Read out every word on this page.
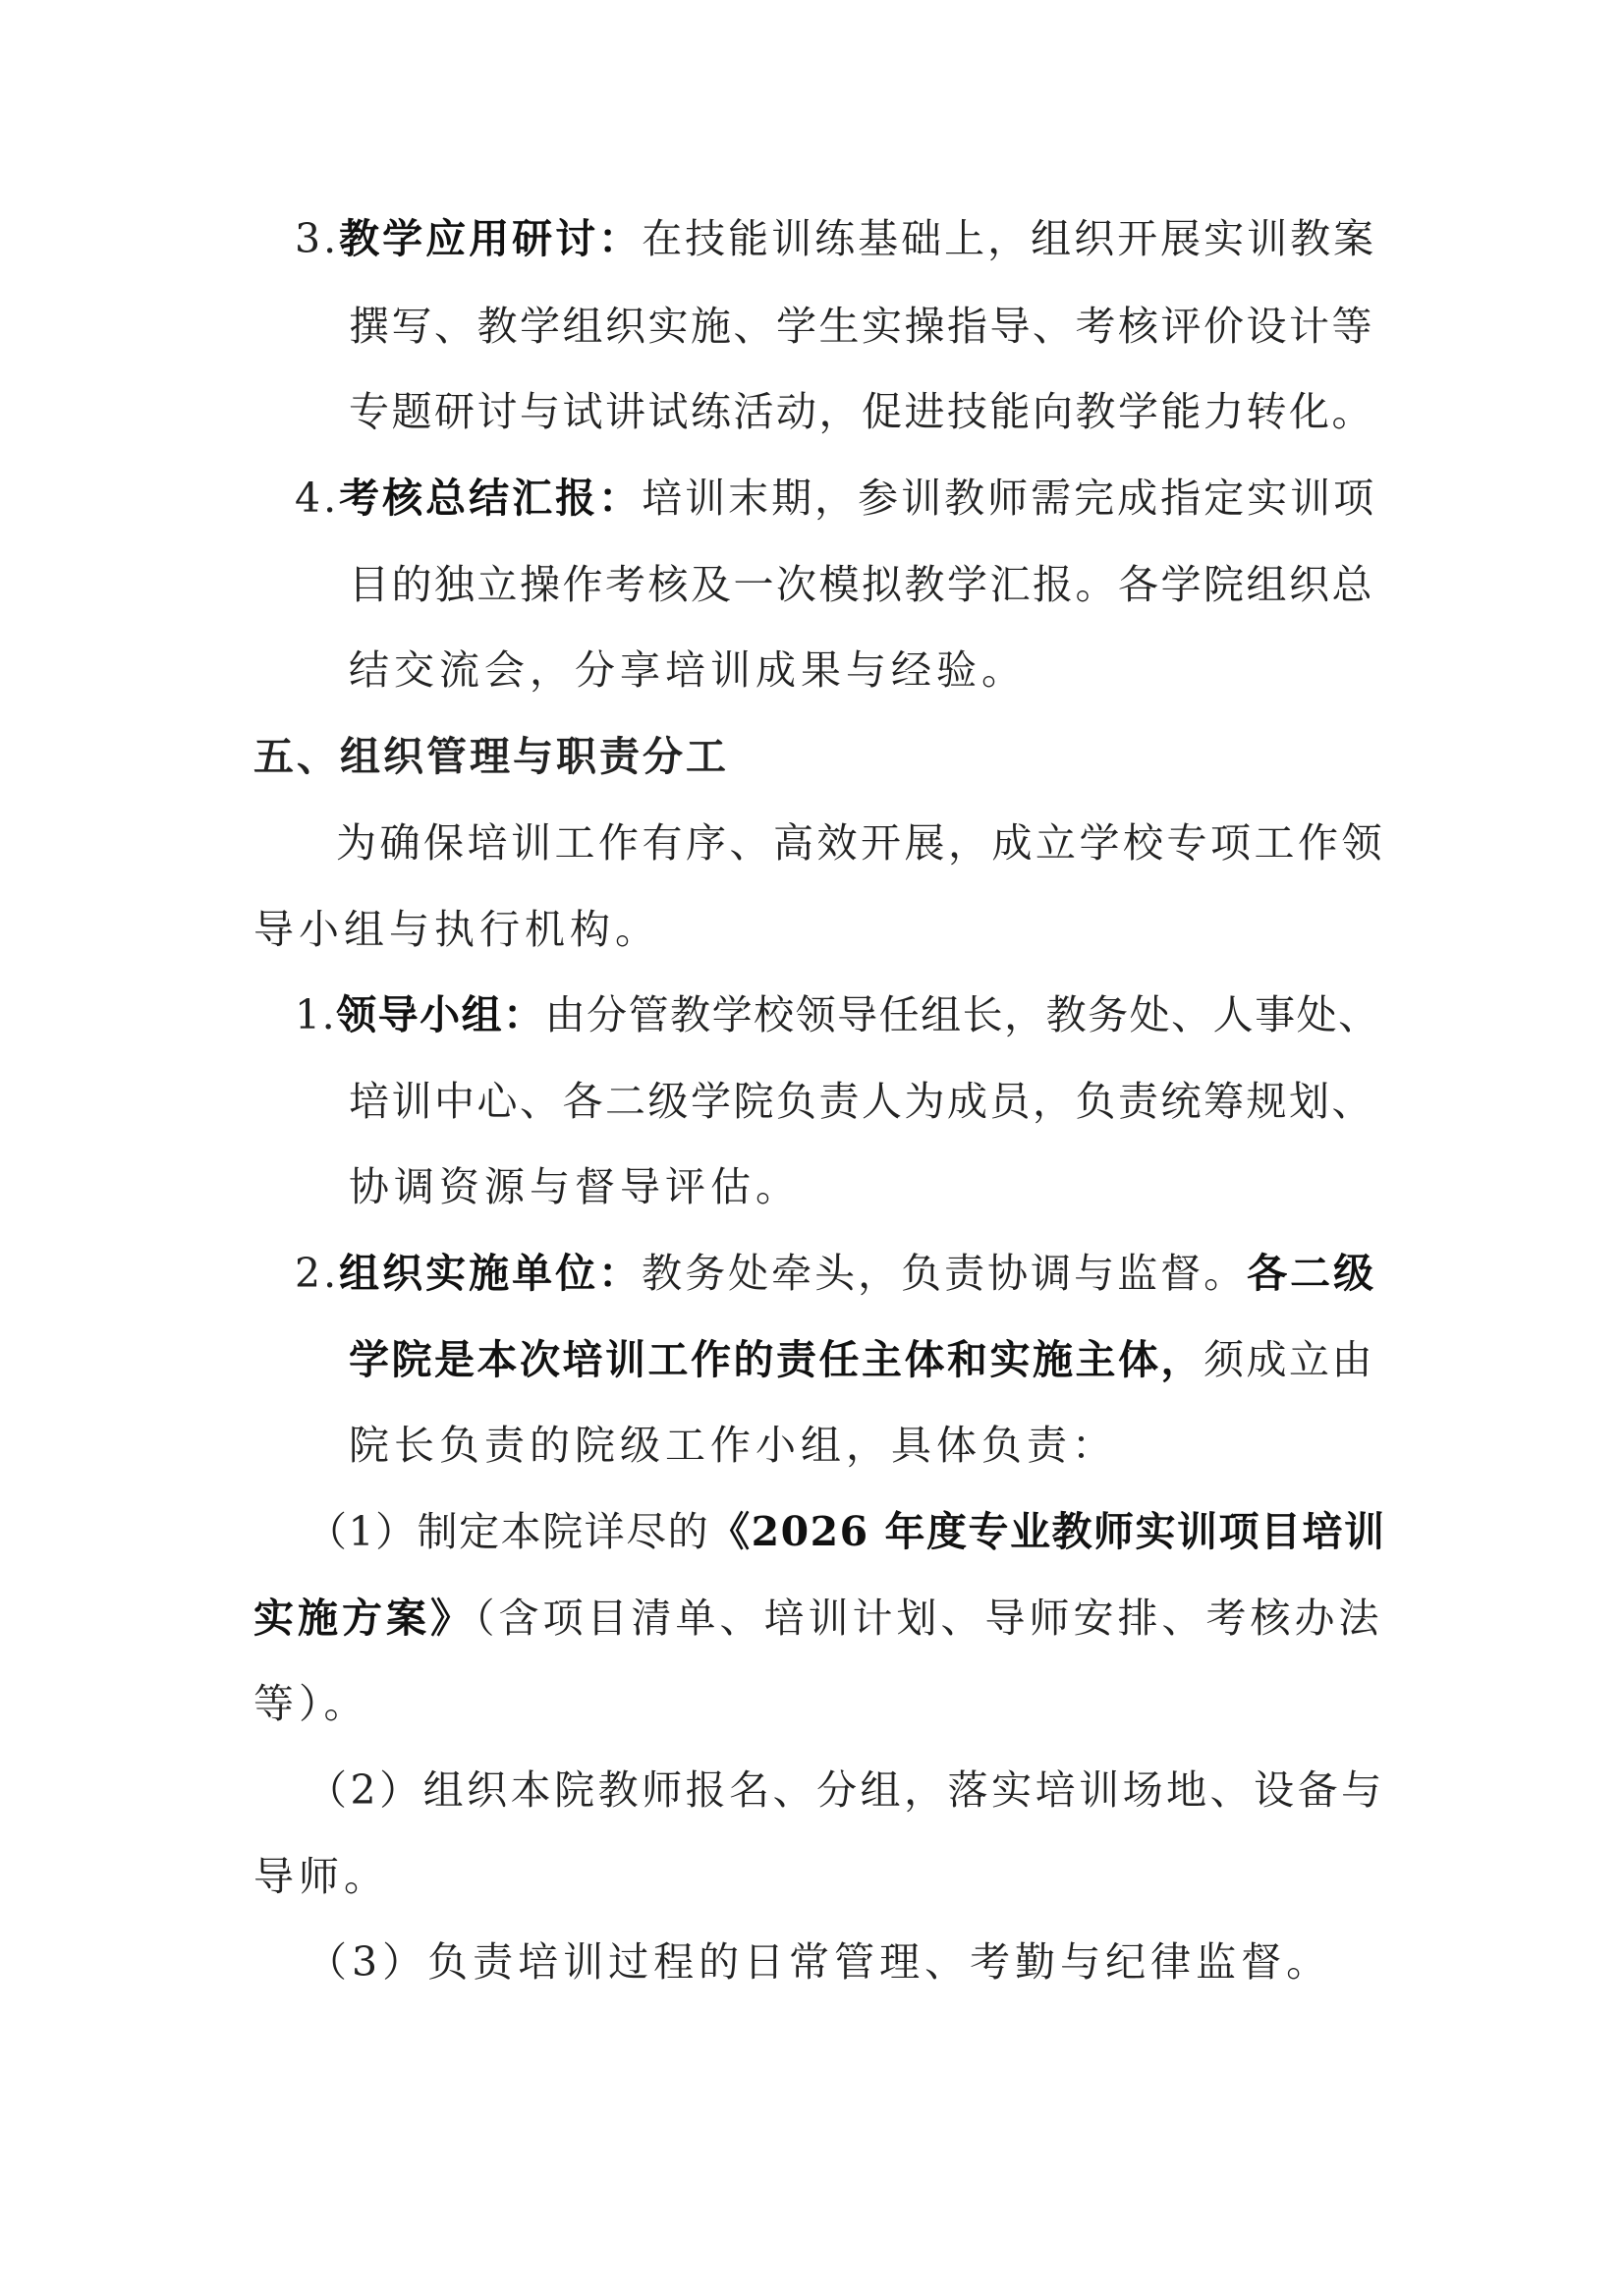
3.教学应用研讨：在技能训练基础上，组织开展实训教案
撰写、教学组织实施、学生实操指导、考核评价设计等
专题研讨与试讲试练活动，促进技能向教学能力转化。
4.考核总结汇报：培训末期，参训教师需完成指定实训项
目的独立操作考核及一次模拟教学汇报。各学院组织总
结交流会，分享培训成果与经验。
五、组织管理与职责分工
为确保培训工作有序、高效开展，成立学校专项工作领
导小组与执行机构。
1.领导小组：由分管教学校领导任组长，教务处、人事处、
培训中心、各二级学院负责人为成员，负责统筹规划、
协调资源与督导评估。
2.组织实施单位：教务处牵头，负责协调与监督。各二级
学院是本次培训工作的责任主体和实施主体，须成立由
院长负责的院级工作小组，具体负责：
（1）制定本院详尽的《2026 年度专业教师实训项目培训
实施方案》（含项目清单、培训计划、导师安排、考核办法
等）。
（2）组织本院教师报名、分组，落实培训场地、设备与
导师。
（3）负责培训过程的日常管理、考勤与纪律监督。
